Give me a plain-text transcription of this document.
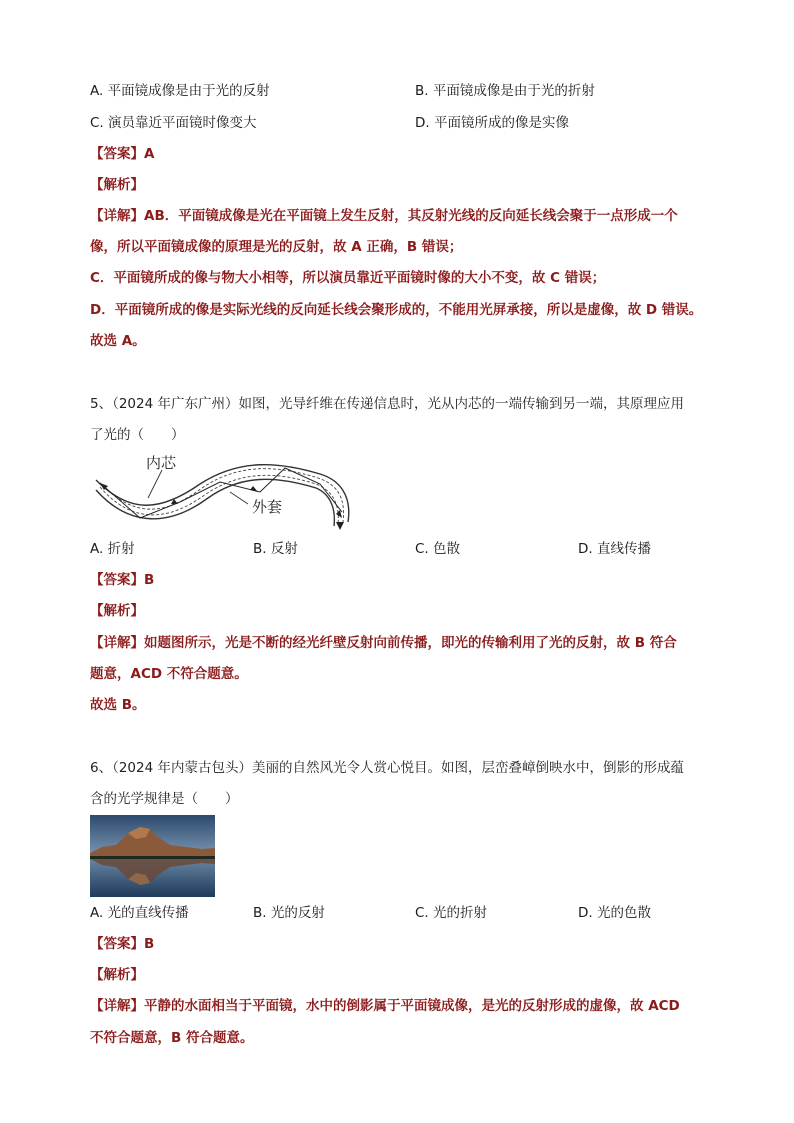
A. 平面镜成像是由于光的反射	B. 平面镜成像是由于光的折射
C. 演员靠近平面镜时像变大	D. 平面镜所成的像是实像
【答案】A
【解析】
【详解】AB．平面镜成像是光在平面镜上发生反射，其反射光线的反向延长线会聚于一点形成一个
像，所以平面镜成像的原理是光的反射，故 A 正确，B 错误；
C．平面镜所成的像与物大小相等，所以演员靠近平面镜时像的大小不变，故 C 错误；
D．平面镜所成的像是实际光线的反向延长线会聚形成的，不能用光屏承接，所以是虚像，故 D 错误。
故选 A。
5、（2024 年广东广州）如图，光导纤维在传递信息时，光从内芯的一端传输到另一端，其原理应用
了光的（　　）
内芯
外套
A. 折射	B. 反射	C. 色散	D. 直线传播
【答案】B
【解析】
【详解】如题图所示，光是不断的经光纤壁反射向前传播，即光的传输利用了光的反射，故 B 符合
题意，ACD 不符合题意。
故选 B。
6、（2024 年内蒙古包头）美丽的自然风光令人赏心悦目。如图，层峦叠嶂倒映水中，倒影的形成蕴
含的光学规律是（　　）
A. 光的直线传播	B. 光的反射	C. 光的折射	D. 光的色散
【答案】B
【解析】
【详解】平静的水面相当于平面镜，水中的倒影属于平面镜成像，是光的反射形成的虚像，故 ACD
不符合题意，B 符合题意。
